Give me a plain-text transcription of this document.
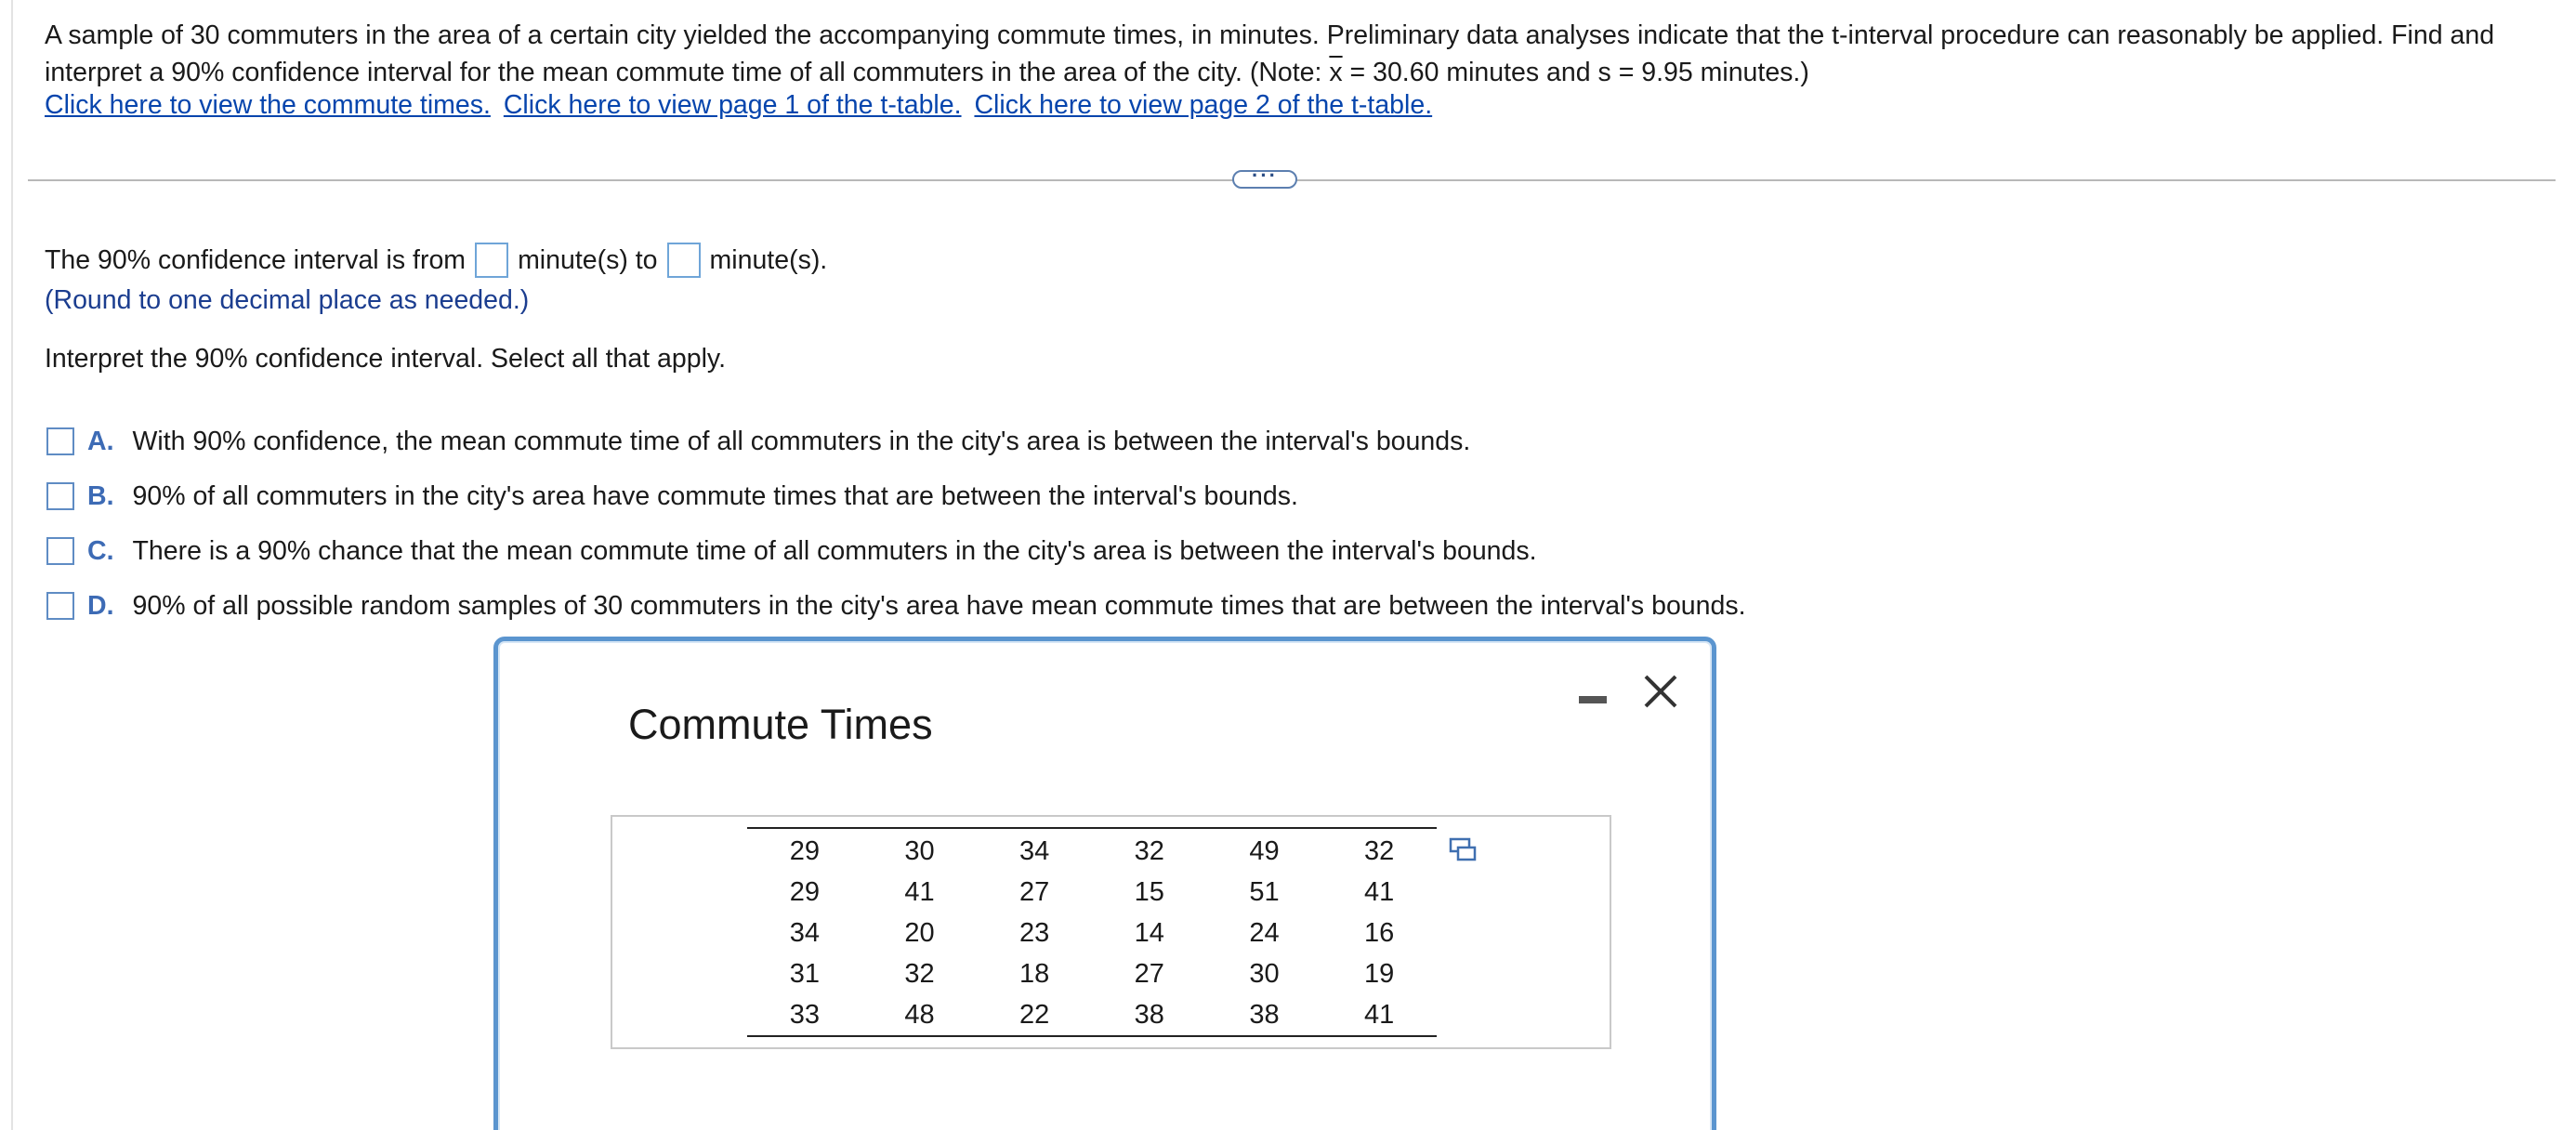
A sample of 30 commuters in the area of a certain city yielded the accompanying commute times, in minutes. Preliminary data analyses indicate that the t-interval procedure can reasonably be applied. Find and interpret a 90% confidence interval for the mean commute time of all commuters in the area of the city. (Note: $\overline{x} = 30.60$ minutes and s = 9.95 minutes.)
Click here to view the commute times. Click here to view page 1 of the t-table. Click here to view page 2 of the t-table.
···
The 90% confidence interval is from minute(s) to minute(s).
(Round to one decimal place as needed.)
Interpret the 90% confidence interval. Select all that apply.
A. With 90% confidence, the mean commute time of all commuters in the city's area is between the interval's bounds.
B. 90% of all commuters in the city's area have commute times that are between the interval's bounds.
C. There is a 90% chance that the mean commute time of all commuters in the city's area is between the interval's bounds.
D. 90% of all possible random samples of 30 commuters in the city's area have mean commute times that are between the interval's bounds.
Commute Times
29	30	34	32	49	32
29	41	27	15	51	41
34	20	23	14	24	16
31	32	18	27	30	19
33	48	22	38	38	41
